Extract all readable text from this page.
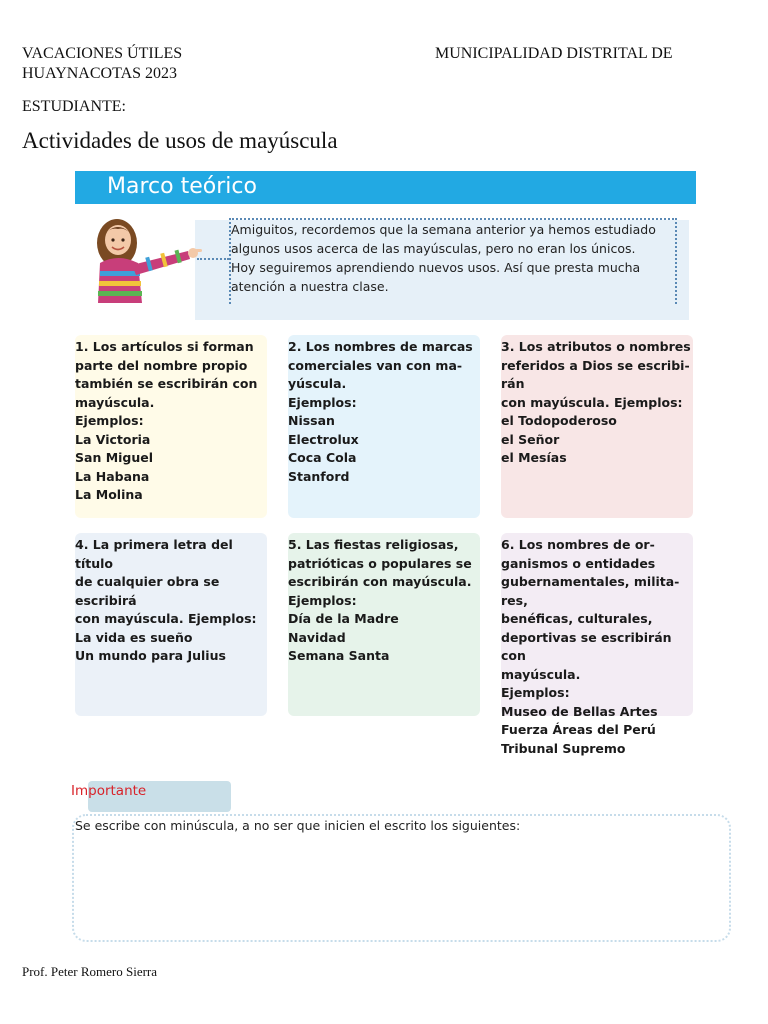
VACACIONES ÚTILES
HUAYNACOTAS 2023
MUNICIPALIDAD DISTRITAL DE
ESTUDIANTE:
Actividades de usos de mayúscula
Marco teórico
Amiguitos, recordemos que la semana anterior ya hemos estudiado
algunos usos acerca de las mayúsculas, pero no eran los únicos.
Hoy seguiremos aprendiendo nuevos usos. Así que presta mucha
atención a nuestra clase.
1. Los artículos si forman
parte del nombre propio
también se escribirán con
mayúscula.
Ejemplos:
La Victoria
San Miguel
La Habana
La Molina
2. Los nombres de marcas
comerciales van con ma-
yúscula.
Ejemplos:
Nissan
Electrolux
Coca Cola
Stanford
3. Los atributos o nombres
referidos a Dios se escribi- rán
con mayúscula. Ejemplos:
el Todopoderoso
el Señor
el Mesías
4. La primera letra del título
de cualquier obra se escribirá
con mayúscula. Ejemplos:
La vida es sueño
Un mundo para Julius
5. Las fiestas religiosas,
patrióticas o populares se
escribirán con mayúscula.
Ejemplos:
Día de la Madre
Navidad
Semana Santa
6. Los nombres de or-
ganismos o entidades
gubernamentales, milita- res,
benéficas, culturales,
deportivas se escribirán con
mayúscula.
Ejemplos:
Museo de Bellas Artes
Fuerza Áreas del Perú
Tribunal Supremo
Importante
Se escribe con minúscula, a no ser que inicien el escrito los siguientes:
Prof. Peter Romero Sierra
